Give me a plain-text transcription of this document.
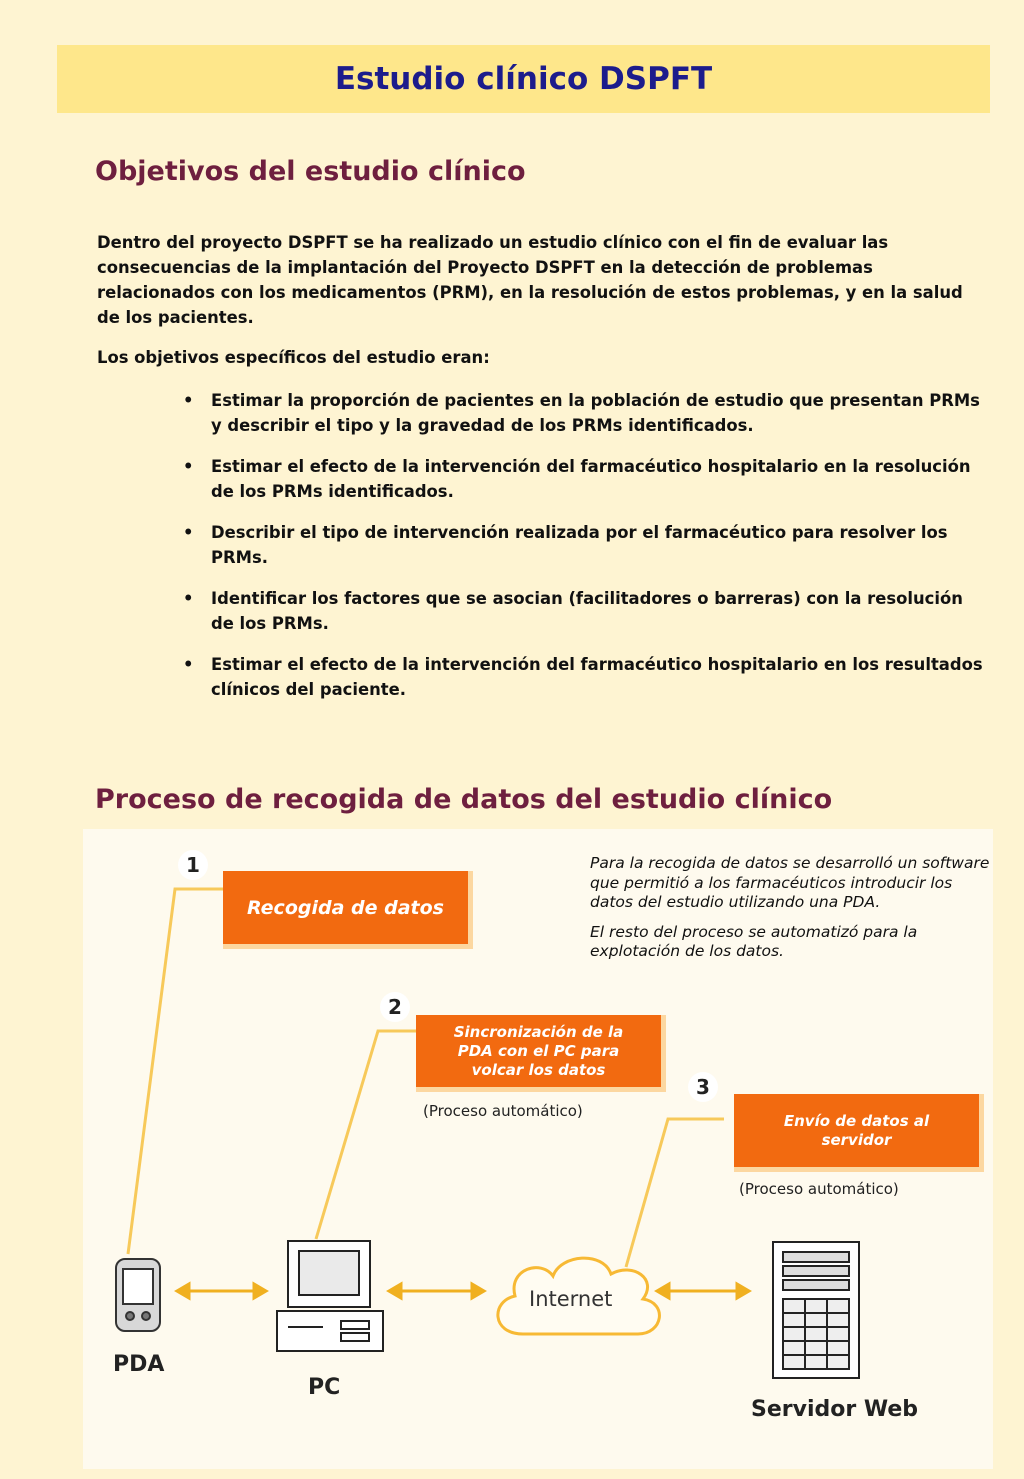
Estudio clínico DSPFT
Objetivos del estudio clínico

Dentro del proyecto DSPFT se ha realizado un estudio clínico con el fin de evaluar las consecuencias de la implantación del Proyecto DSPFT en la detección de problemas relacionados con los medicamentos (PRM), en la resolución de estos problemas, y en la salud de los pacientes.

Los objetivos específicos del estudio eran:

• Estimar la proporción de pacientes en la población de estudio que presentan PRMs y describir el tipo y la gravedad de los PRMs identificados.
• Estimar el efecto de la intervención del farmacéutico hospitalario en la resolución de los PRMs identificados.
• Describir el tipo de intervención realizada por el farmacéutico para resolver los PRMs.
• Identificar los factores que se asocian (facilitadores o barreras) con la resolución de los PRMs.
• Estimar el efecto de la intervención del farmacéutico hospitalario en los resultados clínicos del paciente.
Proceso de recogida de datos del estudio clínico

Para la recogida de datos se desarrolló un software que permitió a los farmacéuticos introducir los datos del estudio utilizando una PDA.

El resto del proceso se automatizó para la explotación de los datos.

1
2
3
Recogida de datos
Sincronización de la PDA con el PC para volcar los datos
Envío de datos al servidor
(Proceso automático)
(Proceso automático)
Internet
PDA
PC
Servidor Web
